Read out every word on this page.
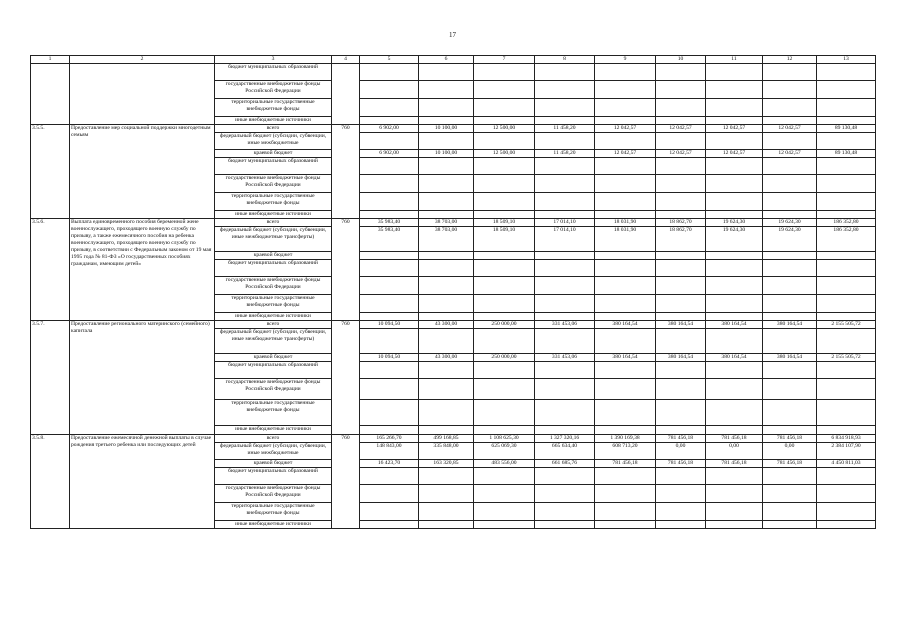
17
1	2	3	4	5	6	7	8	9	10	11	12	13
		бюджет муниципальных образований										
		государственные внебюджетные фонды Российской Федерации										
		территориальные государственные внебюджетные фонды										
		иные внебюджетные источники										
3.5.5.	Предоставление мер социальной поддержки многодетным семьям	всего	760	6 902,00	10 100,00	12 500,00	11 458,20	12 042,57	12 042,57	12 042,57	12 042,57	89 130,48
		федеральный бюджет (субсидии, субвенции, иные межбюджетные										
		краевой бюджет		6 902,00	10 100,00	12 500,00	11 458,20	12 042,57	12 042,57	12 042,57	12 042,57	89 130,48
		бюджет муниципальных образований										
		государственные внебюджетные фонды Российской Федерации										
		территориальные государственные внебюджетные фонды										
		иные внебюджетные источники										
3.5.6.	Выплата единовременного пособия беременной жене военнослужащего, проходящего военную службу по призыву, а также ежемесячного пособия на ребенка военнослужащего, проходящего военную службу по призыву, в соответствии с Федеральным законом от 19 мая 1995 года № 81-ФЗ «О государственных пособиях гражданам, имеющим детей»	всего	760	35 983,40	38 703,00	18 509,10	17 014,10	18 031,90	18 862,70	19 624,30	19 624,30	186 352,80
		федеральный бюджет (субсидии, субвенции, иные межбюджетные трансферты)		35 983,40	38 703,00	18 509,10	17 014,10	18 031,90	18 862,70	19 624,30	19 624,30	186 352,80
		краевой бюджет										
		бюджет муниципальных образований										
		государственные внебюджетные фонды Российской Федерации										
		территориальные государственные внебюджетные фонды										
		иные внебюджетные источники										
3.5.7.	Предоставление регионального материнского (семейного) капитала	всего	760	10 094,50	43 300,00	250 000,00	331 453,06	380 164,54	380 164,54	380 164,54	380 164,54	2 155 505,72
		федеральный бюджет (субсидии, субвенции, иные межбюджетные трансферты)										
		краевой бюджет		10 094,50	43 300,00	250 000,00	331 453,06	380 164,54	380 164,54	380 164,54	380 164,54	2 155 505,72
		бюджет муниципальных образований										
		государственные внебюджетные фонды Российской Федерации										
		территориальные государственные внебюджетные фонды										
		иные внебюджетные источники										
3.5.8.	Предоставление ежемесячной денежной выплаты в случае рождения третьего ребенка или последующих детей	всего	760	165 266,70	499 168,85	1 108 625,30	1 327 320,16	1 390 169,38	781 456,18	781 456,18	781 456,18	6 834 918,93
		федеральный бюджет (субсидии, субвенции, иные межбюджетные		148 843,00	335 848,00	625 069,30	665 634,40	608 713,20	0,00	0,00	0,00	2 384 107,90
		краевой бюджет		16 423,70	163 320,85	483 556,00	661 685,76	781 456,18	781 456,18	781 456,18	781 456,18	4 450 811,03
		бюджет муниципальных образований										
		государственные внебюджетные фонды Российской Федерации										
		территориальные государственные внебюджетные фонды										
		иные внебюджетные источники										
